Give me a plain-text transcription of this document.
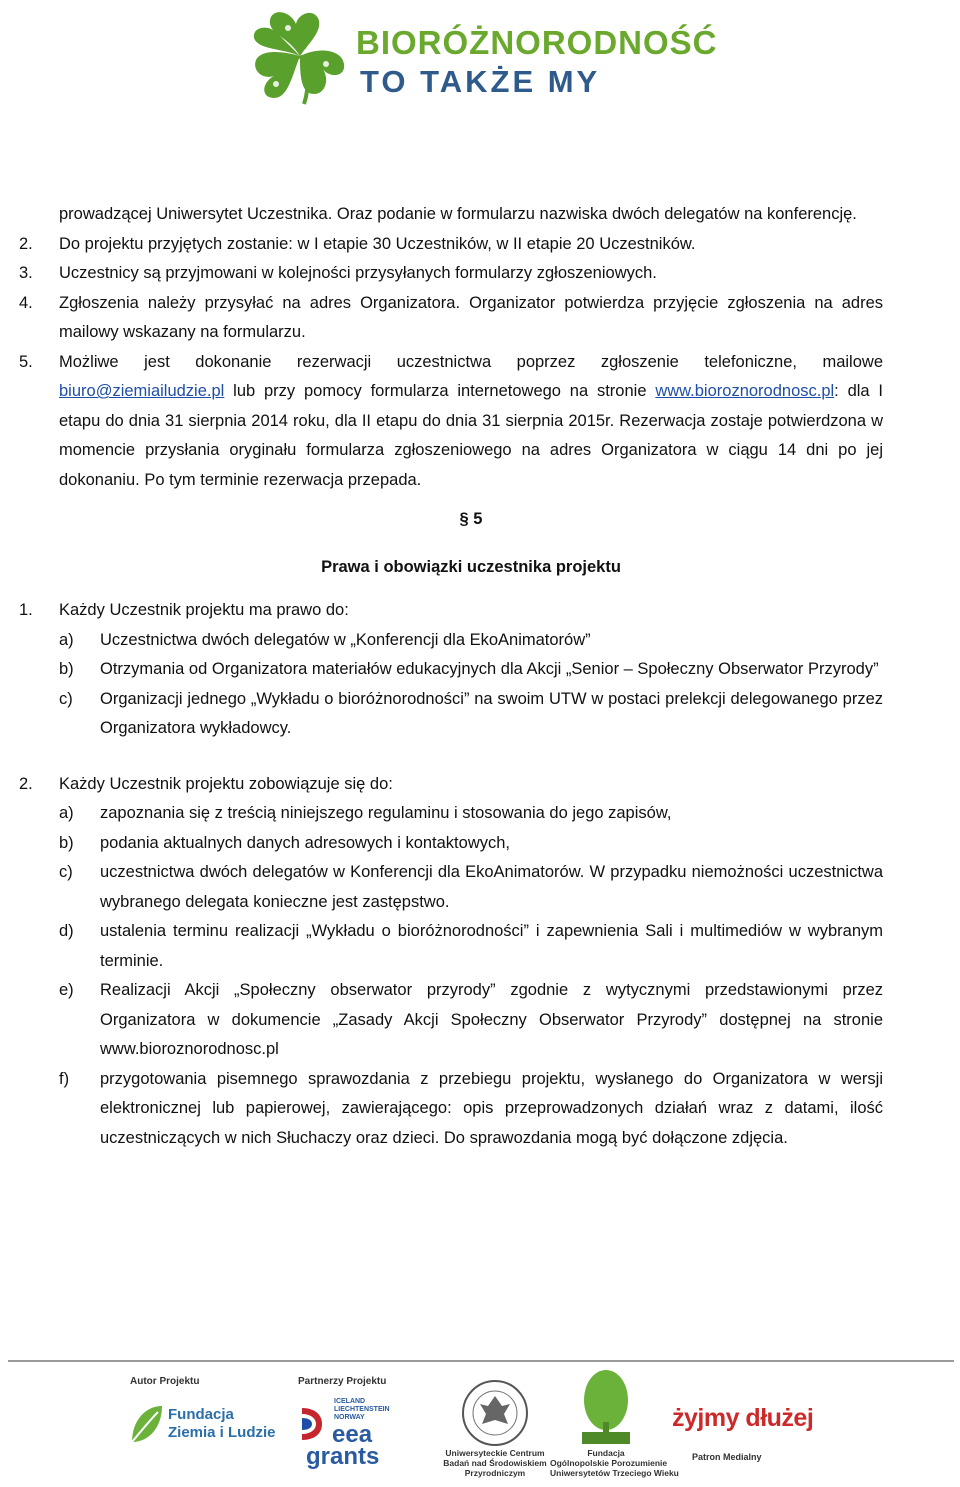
BIORÓŻNORODNOŚĆ
TO TAKŻE MY

prowadzącej Uniwersytet Uczestnika. Oraz podanie w formularzu nazwiska dwóch delegatów na konferencję.

2.	Do projektu przyjętych zostanie: w I etapie 30 Uczestników, w II etapie 20 Uczestników.
3.	Uczestnicy są przyjmowani w kolejności przysyłanych formularzy zgłoszeniowych.
4.	Zgłoszenia należy przysyłać na adres Organizatora. Organizator potwierdza przyjęcie zgłoszenia na adres mailowy wskazany na formularzu.
5.	Możliwe jest dokonanie rezerwacji uczestnictwa poprzez zgłoszenie telefoniczne, mailowe biuro@ziemiailudzie.pl lub przy pomocy formularza internetowego na stronie www.bioroznorodnosc.pl: dla I etapu do dnia 31 sierpnia 2014 roku, dla II etapu do dnia 31 sierpnia 2015r. Rezerwacja zostaje potwierdzona w momencie przysłania oryginału formularza zgłoszeniowego na adres Organizatora w ciągu 14 dni po jej dokonaniu. Po tym terminie rezerwacja przepada.

§ 5

Prawa i obowiązki uczestnika projektu

1.	Każdy Uczestnik projektu ma prawo do:
a)	Uczestnictwa dwóch delegatów w „Konferencji dla EkoAnimatorów”
b)	Otrzymania od Organizatora materiałów edukacyjnych dla Akcji „Senior – Społeczny Obserwator Przyrody”
c)	Organizacji jednego „Wykładu o bioróżnorodności” na swoim UTW w postaci prelekcji delegowanego przez Organizatora wykładowcy.
2.	Każdy Uczestnik projektu zobowiązuje się do:
a)	zapoznania się z treścią niniejszego regulaminu i stosowania do jego zapisów,
b)	podania aktualnych danych adresowych i kontaktowych,
c)	uczestnictwa dwóch delegatów w Konferencji dla EkoAnimatorów. W przypadku niemożności uczestnictwa wybranego delegata konieczne jest zastępstwo.
d)	ustalenia terminu realizacji „Wykładu o bioróżnorodności” i zapewnienia Sali i multimediów w wybranym terminie.
e)	Realizacji Akcji „Społeczny obserwator przyrody” zgodnie z wytycznymi przedstawionymi przez Organizatora w dokumencie „Zasady Akcji Społeczny Obserwator Przyrody” dostępnej na stronie www.bioroznorodnosc.pl
f)	przygotowania pisemnego sprawozdania z przebiegu projektu, wysłanego do Organizatora w wersji elektronicznej lub papierowej, zawierającego: opis przeprowadzonych działań wraz z datami, ilość uczestniczących w nich Słuchaczy oraz dzieci. Do sprawozdania mogą być dołączone zdjęcia.
Autor Projektu	Partnerzy Projektu
Fundacja
Ziemia i Ludzie
ICELAND
LIECHTENSTEIN
NORWAY
eea
grants	Uniwersyteckie Centrum
Badań nad Środowiskiem
Przyrodniczym
Fundacja
Ogólnopolskie Porozumienie
Uniwersytetów Trzeciego Wieku
żyjmy dłużej
Patron Medialny
